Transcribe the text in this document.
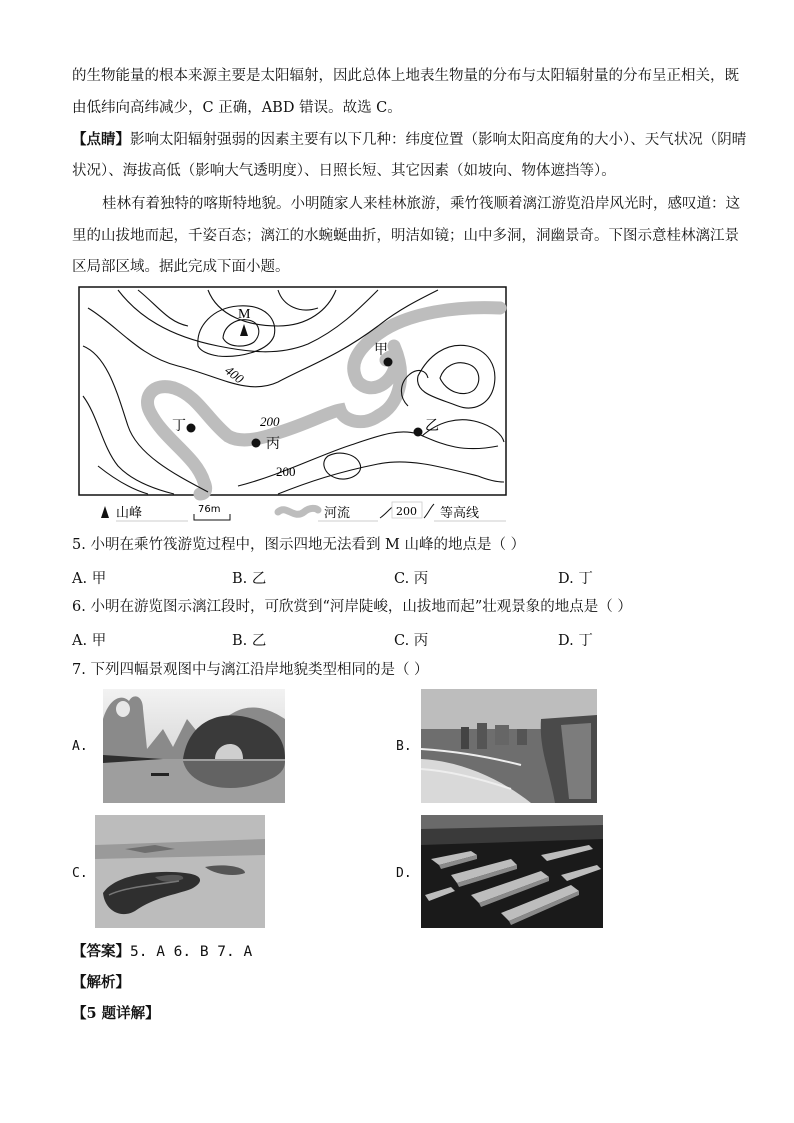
的生物能量的根本来源主要是太阳辐射，因此总体上地表生物量的分布与太阳辐射量的分布呈正相关，既
由低纬向高纬减少，C 正确，ABD 错误。故选 C。
【点睛】影响太阳辐射强弱的因素主要有以下几种：纬度位置（影响太阳高度角的大小）、天气状况（阴晴
状况）、海拔高低（影响大气透明度）、日照长短、其它因素（如坡向、物体遮挡等）。
桂林有着独特的喀斯特地貌。小明随家人来桂林旅游，乘竹筏顺着漓江游览沿岸风光时，感叹道：这
里的山拔地而起，千姿百态；漓江的水蜿蜒曲折，明洁如镜；山中多洞，洞幽景奇。下图示意桂林漓江景
区局部区域。据此完成下面小题。
M
400
200
200
甲
乙
丙
丁
山峰	76m	河流	200 等高线
5. 小明在乘竹筏游览过程中，图示四地无法看到 M 山峰的地点是（ ）
A. 甲	B. 乙	C. 丙	D. 丁
6. 小明在游览图示漓江段时，可欣赏到“河岸陡峻，山拔地而起”壮观景象的地点是（ ）
A. 甲	B. 乙	C. 丙	D. 丁
7. 下列四幅景观图中与漓江沿岸地貌类型相同的是（ ）
A.	B.
C.	D.
【答案】5. A 6. B 7. A
【解析】
【5 题详解】
